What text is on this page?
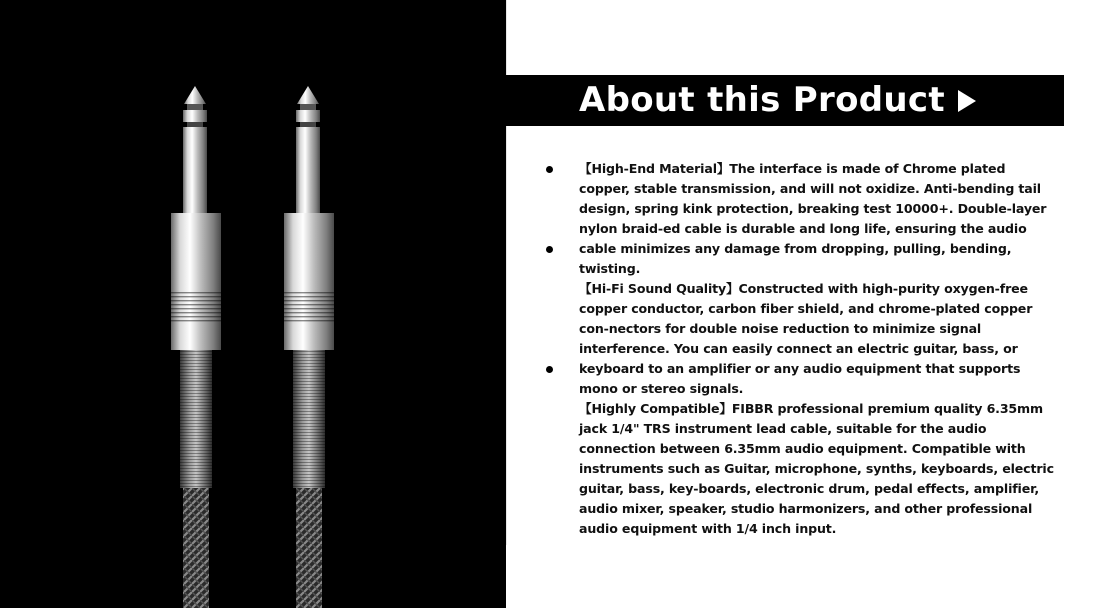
About this Product

【High-End Material】The interface is made of Chrome plated copper, stable transmission, and will not oxidize. Anti-bending tail design, spring kink protection, breaking test 10000+. Double-layer nylon braid-ed cable is durable and long life, ensuring the audio cable minimizes any damage from dropping, pulling, bending, twisting.

【Hi-Fi Sound Quality】Constructed with high-purity oxygen-free copper conductor, carbon fiber shield, and chrome-plated copper con-nectors for double noise reduction to minimize signal interference. You can easily connect an electric guitar, bass, or keyboard to an amplifier or any audio equipment that supports mono or stereo signals.

【Highly Compatible】FIBBR professional premium quality 6.35mm jack 1/4" TRS instrument lead cable, suitable for the audio connection between 6.35mm audio equipment. Compatible with instruments such as Guitar, microphone, synths, keyboards, electric guitar, bass, key-boards, electronic drum, pedal effects, amplifier, audio mixer, speaker, studio harmonizers, and other professional audio equipment with 1/4 inch input.
